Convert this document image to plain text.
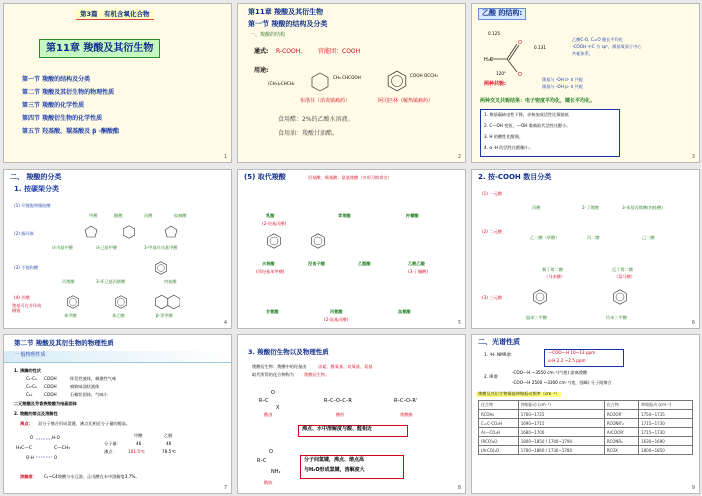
第3篇　有机含氧化合物
第11章 羧酸及其衍生物
第一节 羧酸的结构及分类
第二节 羧酸及其衍生物的物理性质
第三节 羧酸的化学性质
第四节 羧酸衍生物的化学性质
第五节 羟基酸、羰基酸及 β -酮酸酯
1
第11章 羧酸及其衍生物
第一节 羧酸的结构及分类
一、羧酸的结构
通式: R-COOH,	官能团：COOH
用途:
(CH₃)₂CHCH₂
CH₃ CHCOOH	COOH OCCH₃
布洛芬（消炎镇痛药）	阿司匹林（解热镇痛药）
食用醋：2%的乙酸水溶液。
食用油：羧酸甘油酯。
2
乙酸 的结构:
H₃C
O
O
0.125
0.131
120°
乙酸C-O, C=O 键长平均化
-COOH 中C 为 sp²，羰基氧原子中心
共轭体系。
两种共轭:
羰基与 -OH σ- π 共轭
羰基与 -OH p- π 共轭
两种交叉共轭结果：电子密度平均化，键长平均化。
1. 羧基碳缺电性下降，亲核加成活性比羰基低
2. C—OH 变短，—OH 难被取代活性比醇小。
3. H 的酸性比醇强。
4. α -H 的活性比醛酮小。
3
二、 羧酸的分类
1. 按碳架分类
(1) 开链饱和脂肪酸
甲酸	醋酸	丙酸	棕榈酸
(2) 脂环族
环戊基甲酸	环己基甲酸	3-甲基环戊基甲酸
(3) 不饱和酸
丙烯酸	3-环己基丙烯酸	肉桂酸
(4) 芳酸
羧基可在芳环或侧链
苯甲酸	苯乙酸	β-萘甲酸
4
(5) 取代羧酸	羟基酸、羰基酸、氨基羧酸（多用习惯命名）
乳酸	苹果酸	柠檬酸
(2-羟基丙酸)
水杨酸	没食子酸	乙醛酸	乙酰乙酸
(邻羟基苯甲酸)	(3-丁酮酸)
甘氨酸	丙氨酸	丝氨酸
(2-氨基丙酸)
5
2. 按-COOH 数目分类
(1) 一元酸
丙酸	2-丁烯酸	3-苯基丙烯酸(肉桂酸)
(2) 二元酸
乙二酸（草酸）	丙二酸	己二酸
顺丁烯二酸	反丁烯二酸
（马来酸）	（富马酸）
(3) 三元酸
偏苯三甲酸	均苯三甲酸
6
第二节 羧酸及其衍生物的物理性质
一 般物理性质
1. 沸腾的性状
C₁-C₃ COOH	挥发性液体，刺激性气味
C₄-C₉ COOH	腐败味油状液体
C₁₀	COOH	石蜡状固体，气味小
二元羧酸及芳香族羧酸为结晶固体
2. 羧酸的熔点及溶解性
沸点： 双分子缔合形成氢键，沸点比相近分子量的醇高。
H₃C—C	C—CH₃
O	H-O
O-H	O
甲酸	乙醇
分子量：	46	46
沸点：	101.5℃	78.5℃
溶解度： C₁~C4羧酸与水互溶，正戊酸在水中溶解度3.7%。
7
3. 羧酸衍生物以及物理性质
羧酸衍生物：羧酸中的羟基由	卤素、酰氧基、烷氧基、氨基
取代所得的化合物称为 羧酸衍生物。
R–C
O
X
R–C–O–C–R	R–C–O–R'
酰卤	酸酐	羧酸酯
沸点、水中溶解度与酸、醛相近
R–C
O
NH₂
酰胺
分子间氢键，沸点、熔点高
与H₂O形成氢键，溶解度大
8
二、光谱性质
1. ¹H- NMR谱：	—COO—H 10~13 ppm
α-H 2.2 ~2.5 ppm
2. IR谱：
-COO—H ~3550 cm⁻¹(气相) 游离羧酸
-COO—H 2500 ~3300 cm⁻¹(宽，强峰) 分子间缔合
羧酸及其衍生物羰基伸缩振动频率（cm⁻¹）
化合物	伸缩振动 (cm⁻¹)	化合物	伸缩振动 (cm⁻¹)
RCOH₂	1760~1725	RCOOR'	1750~1735
C=C-CO₂H	1690~1715	RCONR'₂	1715~1730
Ar—CO₂H	1680~1700	ArCOOR'	1715~1730
(RCO)₂O	1800~1850 / 1740~1790	RCONR₂	1630~1690
(ArCO)₂O	1780~1860 / 1730~1780	RCOX	1800~1850
9
